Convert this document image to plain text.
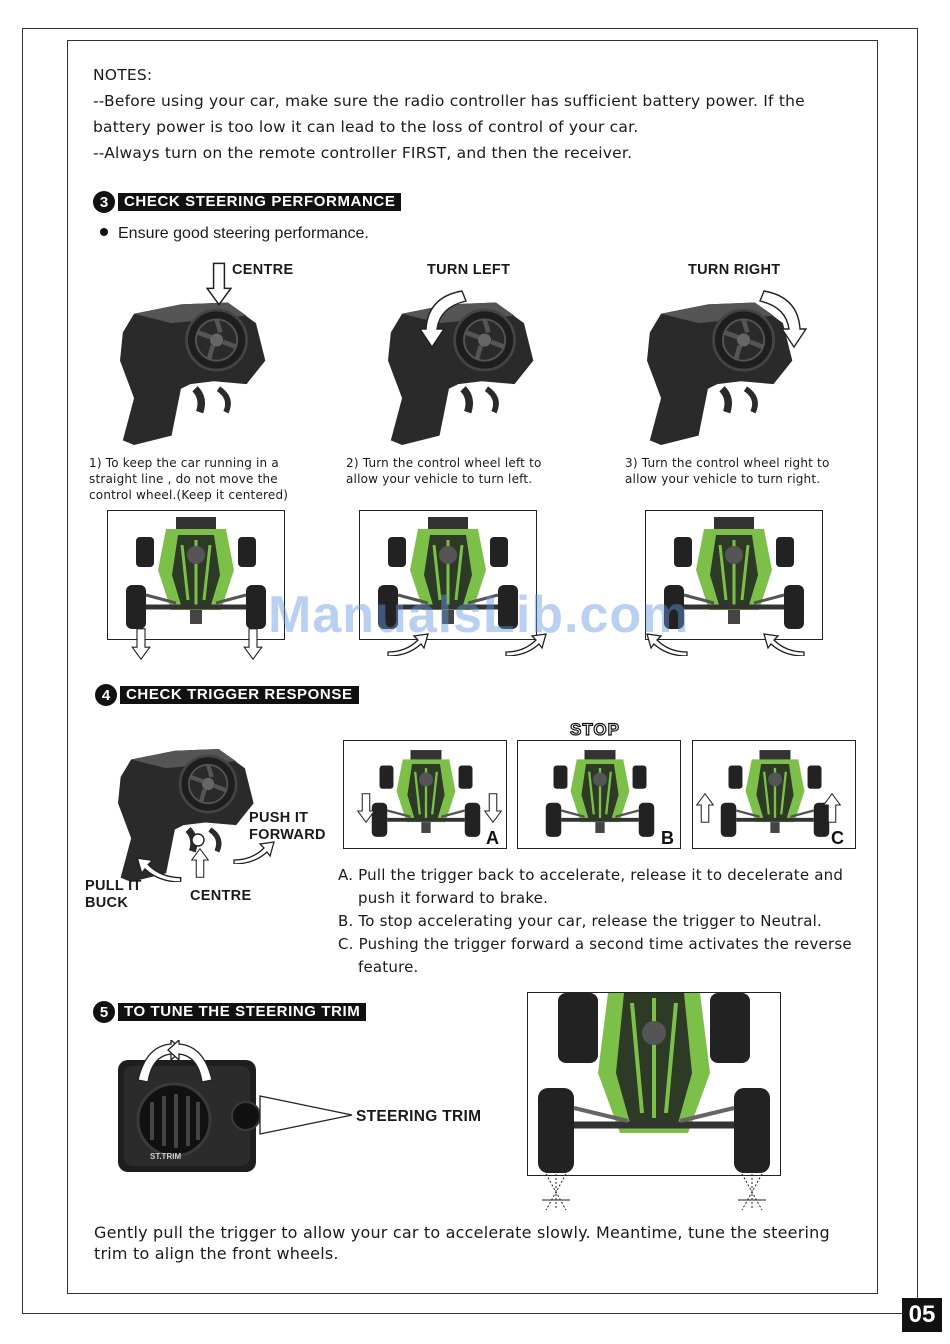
NOTES:
--Before using your car, make sure the radio controller has sufficient battery power. If the
battery power is too low it can lead to the loss of control of your car.
--Always turn on the remote controller FIRST, and then the receiver.
3	CHECK STEERING PERFORMANCE
Ensure good steering performance.
CENTRE	TURN LEFT	TURN RIGHT
1) To keep the car running in a
straight line , do not move the
control wheel.(Keep it centered)
2) Turn the control wheel left to
allow your vehicle to turn left.
3) Turn the control wheel right to
allow your vehicle to turn right.
ManualsLib.com
4	CHECK TRIGGER RESPONSE
STOP
PUSH IT
FORWARD
PULL IT
BUCK	CENTRE
A	B	C
A. Pull the trigger back to accelerate, release it to decelerate and
push it forward to brake.
B. To stop accelerating your car, release the trigger to Neutral.
C. Pushing the trigger forward a second time activates the reverse
feature.
5	TO TUNE THE STEERING TRIM
ST.TRIM
STEERING TRIM
Gently pull the trigger to allow your car to accelerate slowly. Meantime, tune the steering
trim to align the front wheels.
05
